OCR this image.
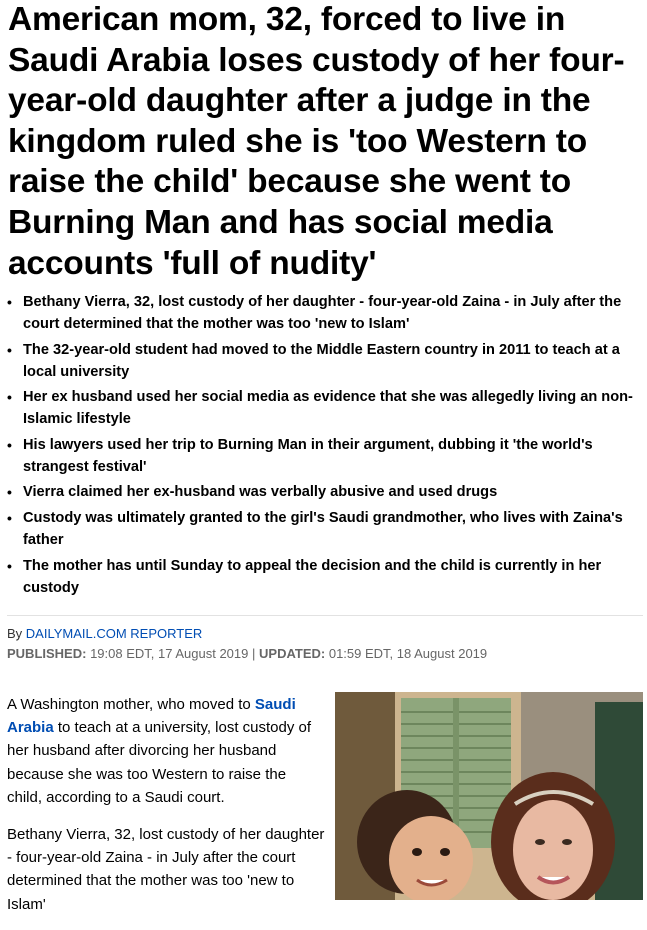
American mom, 32, forced to live in Saudi Arabia loses custody of her four-year-old daughter after a judge in the kingdom ruled she is 'too Western to raise the child' because she went to Burning Man and has social media accounts 'full of nudity'
• Bethany Vierra, 32, lost custody of her daughter - four-year-old Zaina - in July after the court determined that the mother was too 'new to Islam'
• The 32-year-old student had moved to the Middle Eastern country in 2011 to teach at a local university
• Her ex husband used her social media as evidence that she was allegedly living an non-Islamic lifestyle
• His lawyers used her trip to Burning Man in their argument, dubbing it 'the world's strangest festival'
• Vierra claimed her ex-husband was verbally abusive and used drugs
• Custody was ultimately granted to the girl's Saudi grandmother, who lives with Zaina's father
• The mother has until Sunday to appeal the decision and the child is currently in her custody
By DAILYMAIL.COM REPORTER
PUBLISHED: 19:08 EDT, 17 August 2019 | UPDATED: 01:59 EDT, 18 August 2019

A Washington mother, who moved to Saudi Arabia to teach at a university, lost custody of her husband after divorcing her husband because she was too Western to raise the child, according to a Saudi court.

Bethany Vierra, 32, lost custody of her daughter - four-year-old Zaina - in July after the court determined that the mother was too 'new to Islam'
